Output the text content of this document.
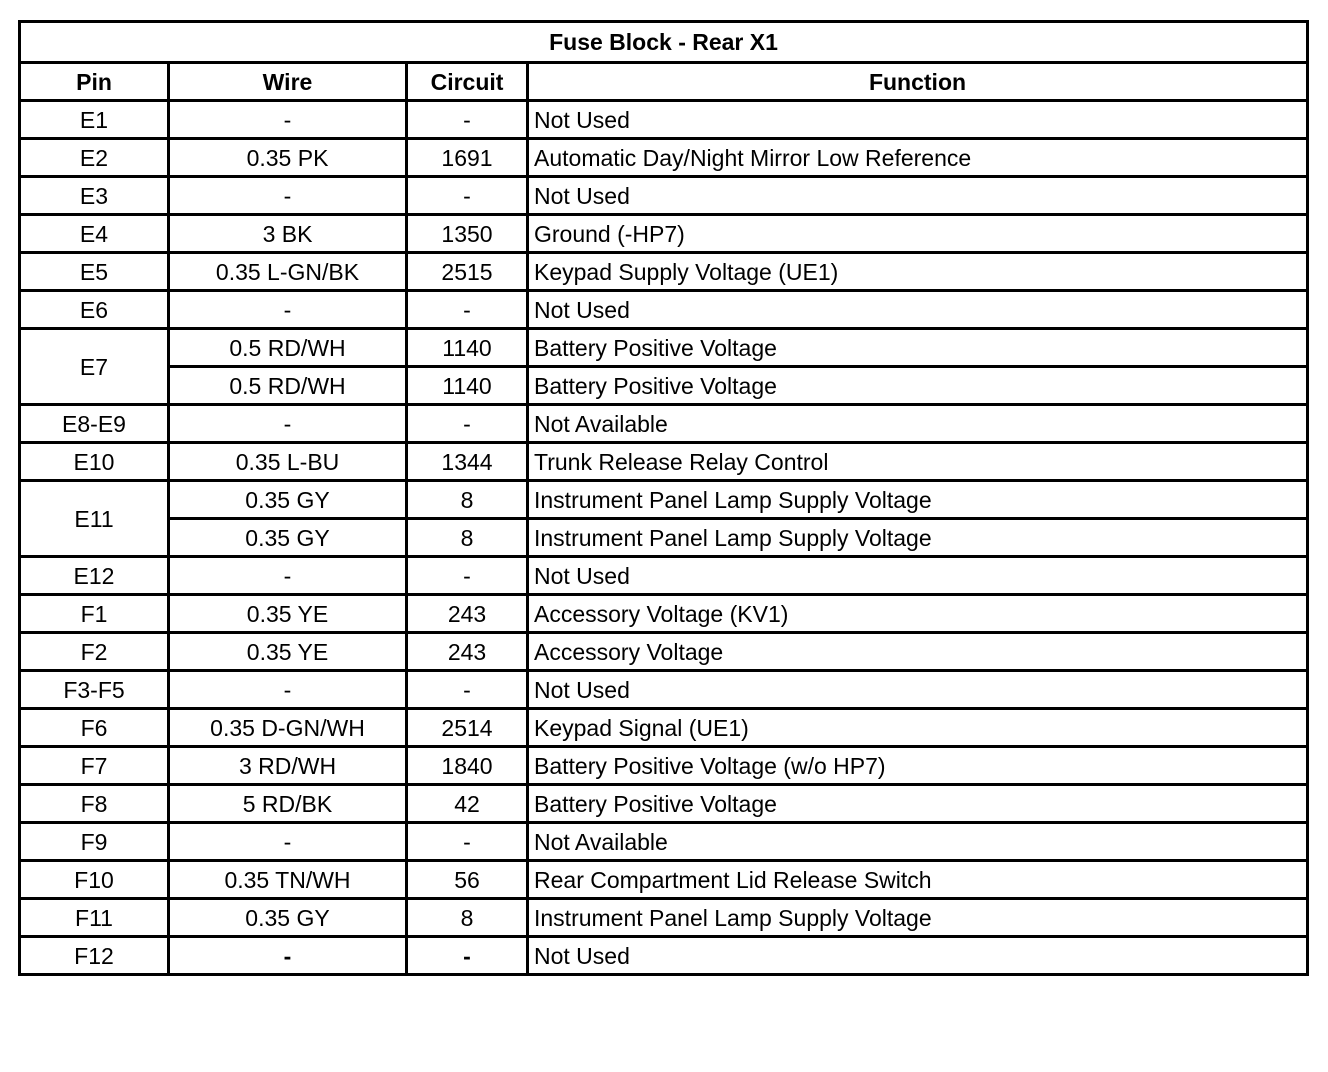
Fuse Block - Rear X1			
Pin	Wire	Circuit	Function
E1	-	-	Not Used
E2	0.35 PK	1691	Automatic Day/Night Mirror Low Reference
E3	-	-	Not Used
E4	3 BK	1350	Ground (-HP7)
E5	0.35 L-GN/BK	2515	Keypad Supply Voltage (UE1)
E6	-	-	Not Used
E7	0.5 RD/WH	1140	Battery Positive Voltage
	0.5 RD/WH	1140	Battery Positive Voltage
E8-E9	-	-	Not Available
E10	0.35 L-BU	1344	Trunk Release Relay Control
E11	0.35 GY	8	Instrument Panel Lamp Supply Voltage
	0.35 GY	8	Instrument Panel Lamp Supply Voltage
E12	-	-	Not Used
F1	0.35 YE	243	Accessory Voltage (KV1)
F2	0.35 YE	243	Accessory Voltage
F3-F5	-	-	Not Used
F6	0.35 D-GN/WH	2514	Keypad Signal (UE1)
F7	3 RD/WH	1840	Battery Positive Voltage (w/o HP7)
F8	5 RD/BK	42	Battery Positive Voltage
F9	-	-	Not Available
F10	0.35 TN/WH	56	Rear Compartment Lid Release Switch
F11	0.35 GY	8	Instrument Panel Lamp Supply Voltage
F12	-	-	Not Used
